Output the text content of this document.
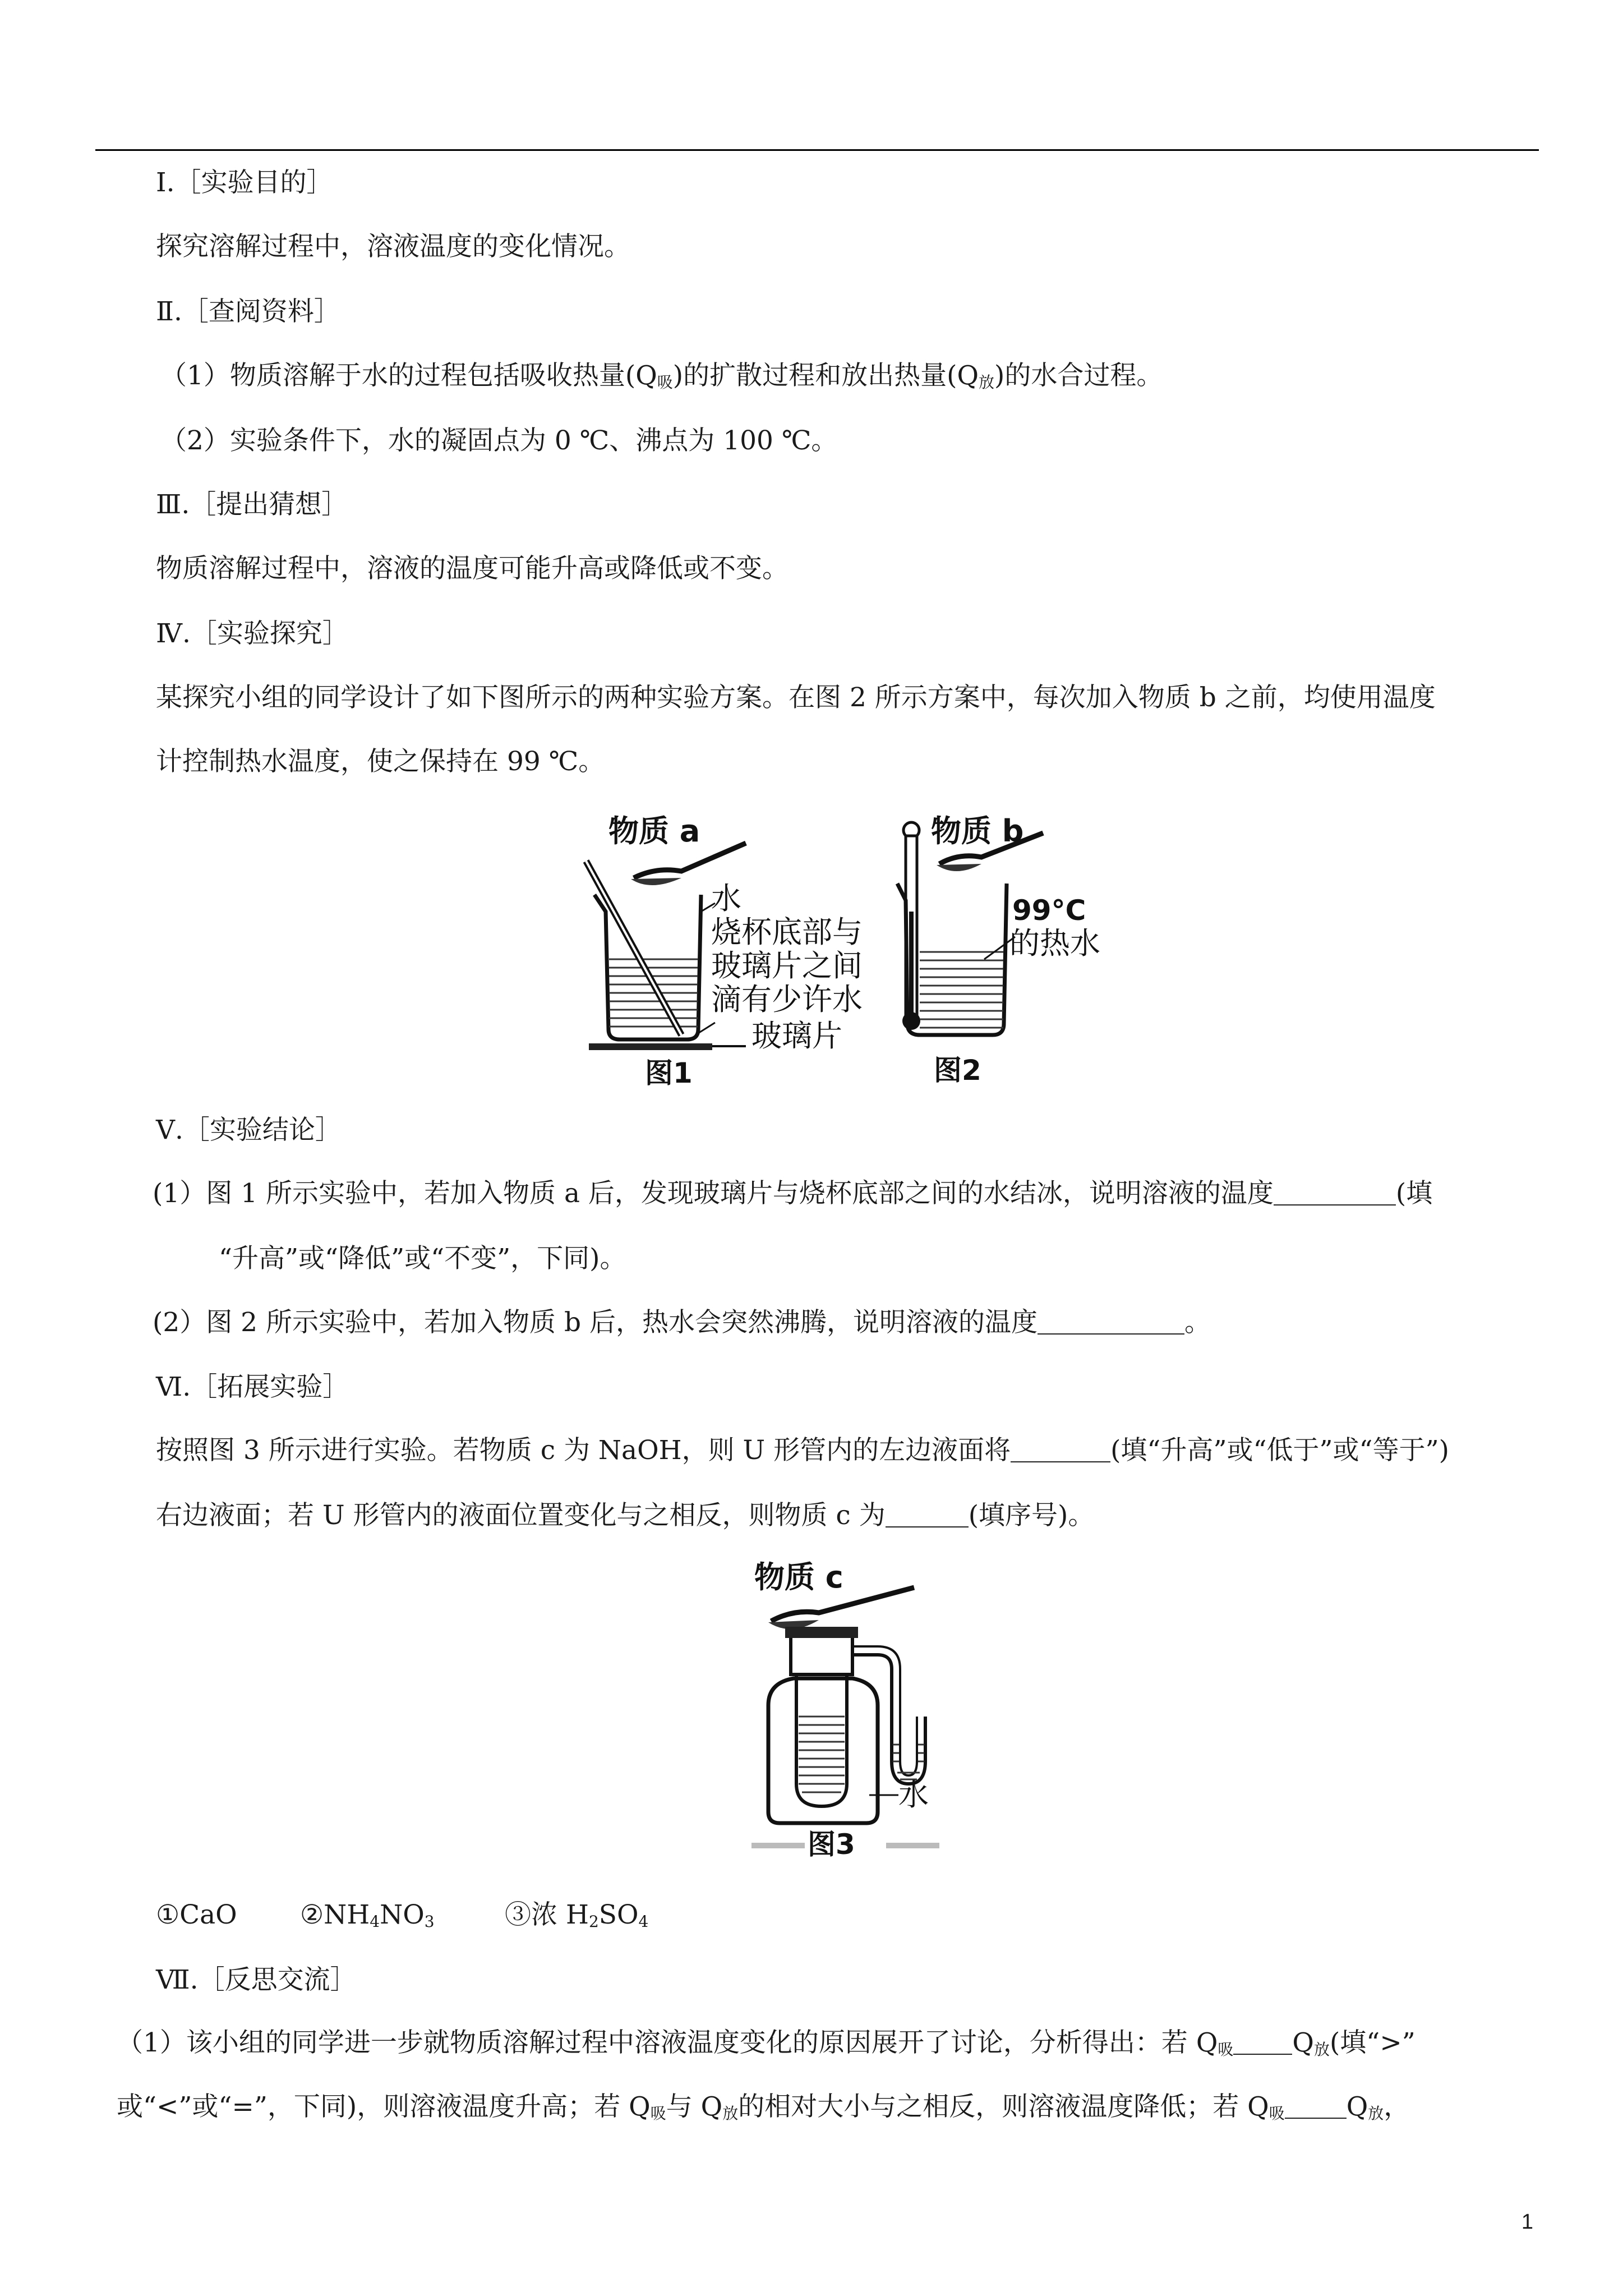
Ⅰ.［实验目的］
探究溶解过程中，溶液温度的变化情况。
Ⅱ.［查阅资料］
（1）物质溶解于水的过程包括吸收热量$(Q_吸)$的扩散过程和放出热量$(Q_放)$的水合过程。
（2）实验条件下，水的凝固点为 0 ℃、沸点为 100 ℃。
Ⅲ.［提出猜想］
物质溶解过程中，溶液的温度可能升高或降低或不变。
Ⅳ.［实验探究］
某探究小组的同学设计了如下图所示的两种实验方案。在图 2 所示方案中，每次加入物质 b 之前，均使用温度
计控制热水温度，使之保持在 99 ℃。
物质 a
水
烧杯底部与
玻璃片之间
滴有少许水
玻璃片
图1
物质 b
99°C
的热水
图2
Ⅴ.［实验结论］
(1）图 1 所示实验中，若加入物质 a 后，发现玻璃片与烧杯底部之间的水结冰，说明溶液的温度	(填
“升高”或“降低”或“不变”，下同)。
(2）图 2 所示实验中，若加入物质 b 后，热水会突然沸腾，说明溶液的温度	。
Ⅵ.［拓展实验］
按照图 3 所示进行实验。若物质 c 为 NaOH，则 U 形管内的左边液面将	(填“升高”或“低于”或“等于”)
右边液面；若 U 形管内的液面位置变化与之相反，则物质 c 为	(填序号)。
物质 c
水
图3
①CaO $②NH_4NO_3$	③浓 $H_2SO_4$
Ⅶ.［反思交流］
（1）该小组的同学进一步就物质溶解过程中溶液温度变化的原因展开了讨论，分析得出：若 $Q_吸$ $Q_放$(填“>”
或“<”或“=”，下同)，则溶液温度升高；若 $Q_吸$与 $Q_放$的相对大小与之相反，则溶液温度降低；若 $Q_吸$ $Q_放$，
1
